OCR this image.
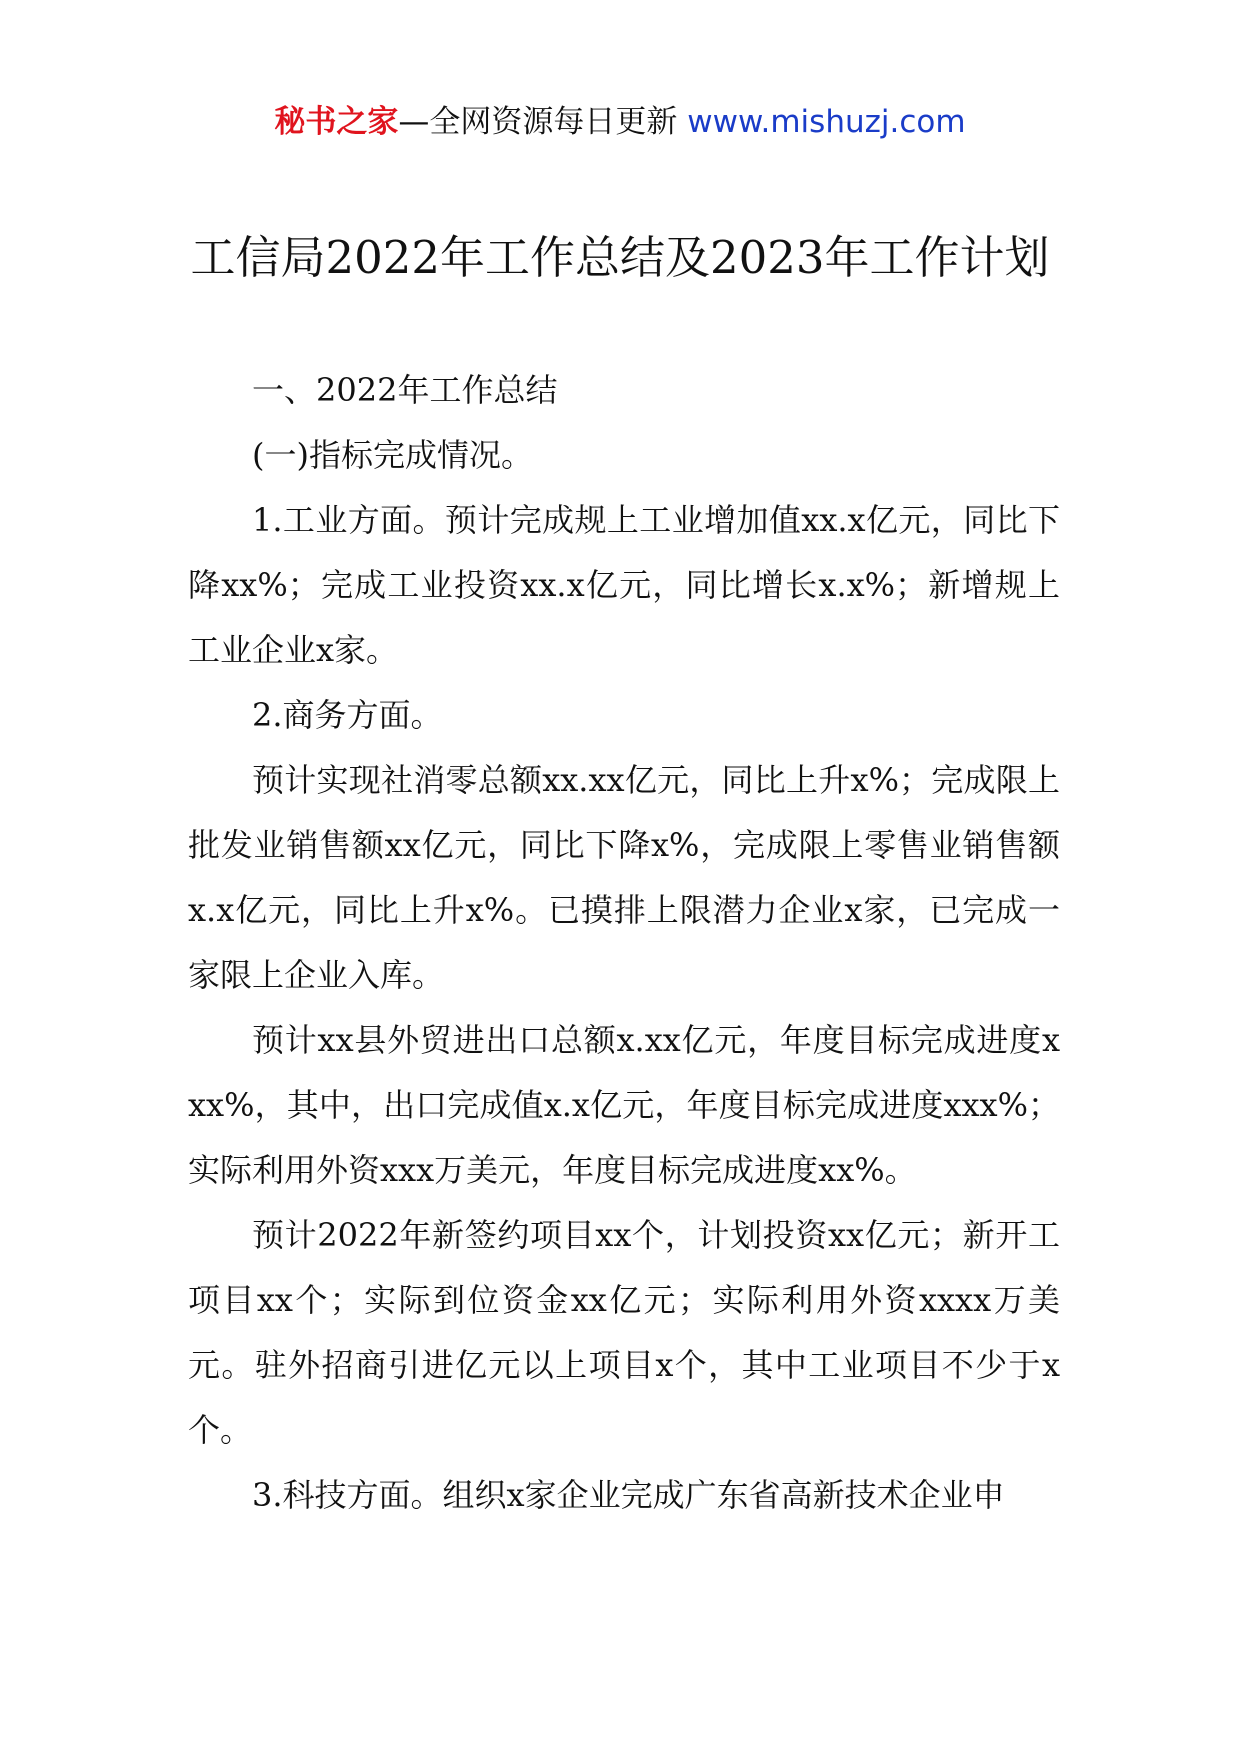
秘书之家—全网资源每日更新 www.mishuzj.com
工信局2022年工作总结及2023年工作计划

一、2022年工作总结

(一)指标完成情况。

1.工业方面。预计完成规上工业增加值xx.x亿元，同比下降xx%；完成工业投资xx.x亿元，同比增长x.x%；新增规上工业企业x家。

2.商务方面。

预计实现社消零总额xx.xx亿元，同比上升x%；完成限上批发业销售额xx亿元，同比下降x%，完成限上零售业销售额x.x亿元，同比上升x%。已摸排上限潜力企业x家，已完成一家限上企业入库。

预计xx县外贸进出口总额x.xx亿元，年度目标完成进度xxx%，其中，出口完成值x.x亿元，年度目标完成进度xxx%；实际利用外资xxx万美元，年度目标完成进度xx%。

预计2022年新签约项目xx个，计划投资xx亿元；新开工项目xx个；实际到位资金xx亿元；实际利用外资xxxx万美元。驻外招商引进亿元以上项目x个，其中工业项目不少于x个。

3.科技方面。组织x家企业完成广东省高新技术企业申
